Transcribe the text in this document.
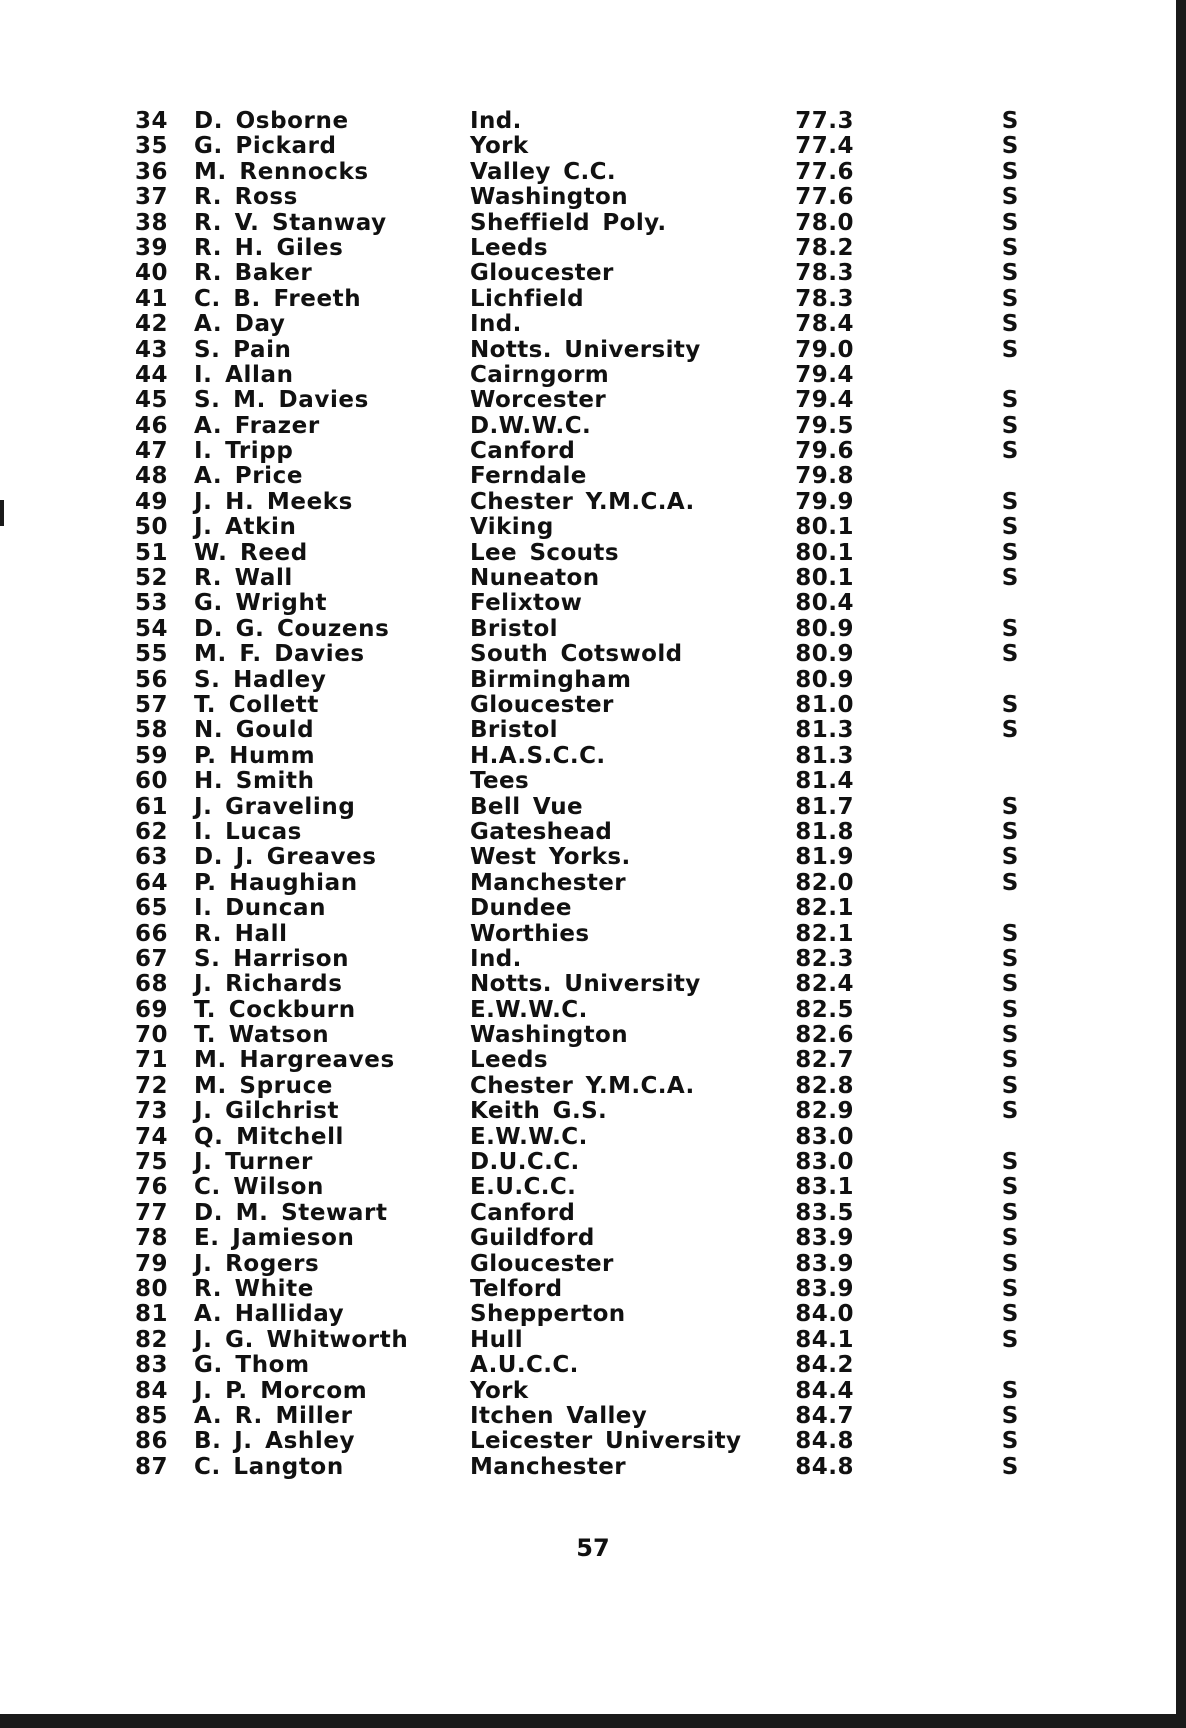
34 D. Osborne	Ind.	77.3	S
35 G. Pickard	York	77.4	S
36 M. Rennocks	Valley C.C.	77.6	S
37 R. Ross	Washington	77.6	S
38 R. V. Stanway	Sheffield Poly.	78.0	S
39 R. H. Giles	Leeds	78.2	S
40 R. Baker	Gloucester	78.3	S
41 C. B. Freeth	Lichfield	78.3	S
42 A. Day	Ind.	78.4	S
43 S. Pain	Notts. University	79.0	S
44 I. Allan	Cairngorm	79.4
45 S. M. Davies	Worcester	79.4	S
46 A. Frazer	D.W.W.C.	79.5	S
47 I. Tripp	Canford	79.6	S
48 A. Price	Ferndale	79.8
49 J. H. Meeks	Chester Y.M.C.A.	79.9	S
50 J. Atkin	Viking	80.1	S
51 W. Reed	Lee Scouts	80.1	S
52 R. Wall	Nuneaton	80.1	S
53 G. Wright	Felixtow	80.4
54 D. G. Couzens	Bristol	80.9	S
55 M. F. Davies	South Cotswold	80.9	S
56 S. Hadley	Birmingham	80.9
57 T. Collett	Gloucester	81.0	S
58 N. Gould	Bristol	81.3	S
59 P. Humm	H.A.S.C.C.	81.3
60 H. Smith	Tees	81.4
61 J. Graveling	Bell Vue	81.7	S
62 I. Lucas	Gateshead	81.8	S
63 D. J. Greaves	West Yorks.	81.9	S
64 P. Haughian	Manchester	82.0	S
65 I. Duncan	Dundee	82.1
66 R. Hall	Worthies	82.1	S
67 S. Harrison	Ind.	82.3	S
68 J. Richards	Notts. University	82.4	S
69 T. Cockburn	E.W.W.C.	82.5	S
70 T. Watson	Washington	82.6	S
71 M. Hargreaves	Leeds	82.7	S
72 M. Spruce	Chester Y.M.C.A.	82.8	S
73 J. Gilchrist	Keith G.S.	82.9	S
74 Q. Mitchell	E.W.W.C.	83.0
75 J. Turner	D.U.C.C.	83.0	S
76 C. Wilson	E.U.C.C.	83.1	S
77 D. M. Stewart	Canford	83.5	S
78 E. Jamieson	Guildford	83.9	S
79 J. Rogers	Gloucester	83.9	S
80 R. White	Telford	83.9	S
81 A. Halliday	Shepperton	84.0	S
82 J. G. Whitworth	Hull	84.1	S
83 G. Thom	A.U.C.C.	84.2
84 J. P. Morcom	York	84.4	S
85 A. R. Miller	Itchen Valley	84.7	S
86 B. J. Ashley	Leicester University	84.8	S
87 C. Langton	Manchester	84.8	S
57
